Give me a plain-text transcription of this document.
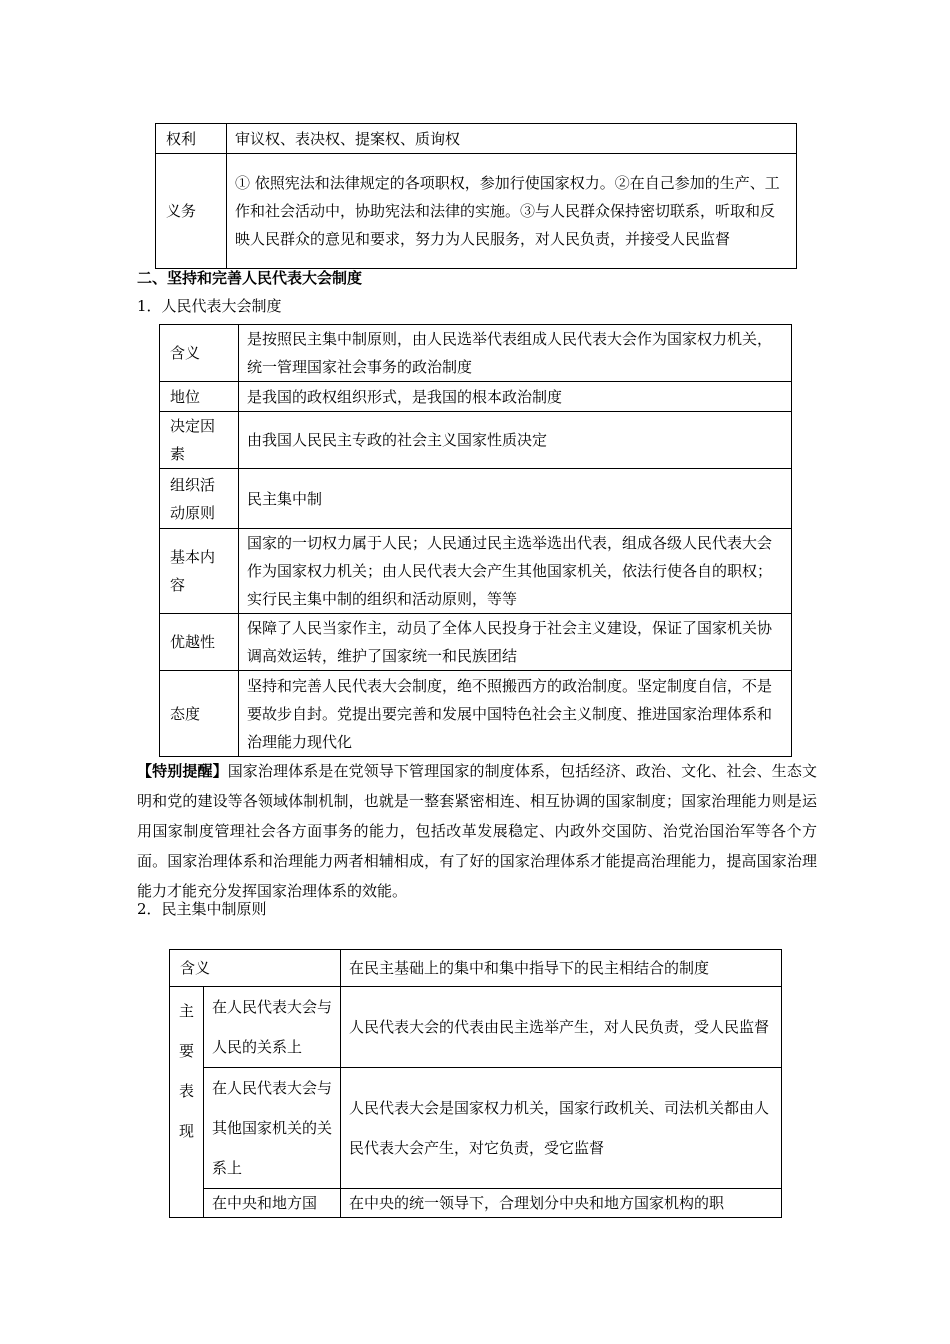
权利	审议权、表决权、提案权、质询权
义务	① 依照宪法和法律规定的各项职权，参加行使国家权力。②在自己参加的生产、工作和社会活动中，协助宪法和法律的实施。③与人民群众保持密切联系，听取和反映人民群众的意见和要求，努力为人民服务，对人民负责，并接受人民监督
二、坚持和完善人民代表大会制度
1．人民代表大会制度
含义	是按照民主集中制原则，由人民选举代表组成人民代表大会作为国家权力机关，统一管理国家社会事务的政治制度
地位	是我国的政权组织形式，是我国的根本政治制度
决定因素	由我国人民民主专政的社会主义国家性质决定
组织活动原则	民主集中制
基本内容	国家的一切权力属于人民；人民通过民主选举选出代表，组成各级人民代表大会作为国家权力机关；由人民代表大会产生其他国家机关，依法行使各自的职权；实行民主集中制的组织和活动原则，等等
优越性	保障了人民当家作主，动员了全体人民投身于社会主义建设，保证了国家机关协调高效运转，维护了国家统一和民族团结
态度	坚持和完善人民代表大会制度，绝不照搬西方的政治制度。坚定制度自信，不是要故步自封。党提出要完善和发展中国特色社会主义制度、推进国家治理体系和治理能力现代化
【特别提醒】国家治理体系是在党领导下管理国家的制度体系，包括经济、政治、文化、社会、生态文明和党的建设等各领域体制机制，也就是一整套紧密相连、相互协调的国家制度；国家治理能力则是运用国家制度管理社会各方面事务的能力，包括改革发展稳定、内政外交国防、治党治国治军等各个方面。国家治理体系和治理能力两者相辅相成，有了好的国家治理体系才能提高治理能力，提高国家治理能力才能充分发挥国家治理体系的效能。
2．民主集中制原则
含义		在民主基础上的集中和集中指导下的民主相结合的制度

主要表现	在人民代表大会与人民的关系上	人民代表大会的代表由民主选举产生，对人民负责，受人民监督
	在人民代表大会与其他国家机关的关系上	人民代表大会是国家权力机关，国家行政机关、司法机关都由人民代表大会产生，对它负责，受它监督
	在中央和地方国	在中央的统一领导下，合理划分中央和地方国家机构的职
